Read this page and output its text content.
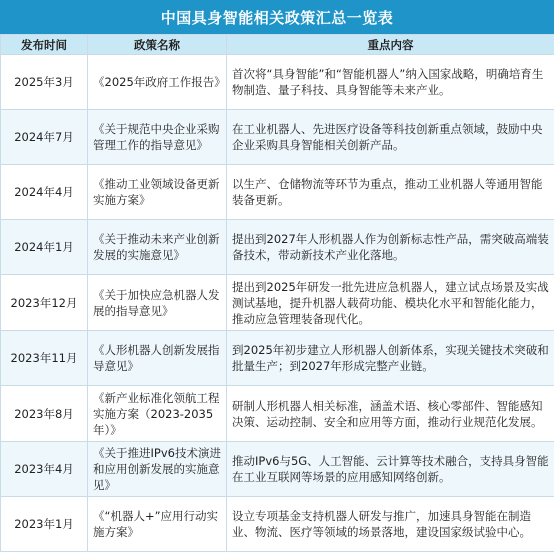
中国具身智能相关政策汇总一览表
发布时间	政策名称	重点内容
2025年3月	《2025年政府工作报告》	首次将“具身智能”和“智能机器人”纳入国家战略，明确培育生物制造、量子科技、具身智能等未来产业。
2024年7月	《关于规范中央企业采购管理工作的指导意见》	在工业机器人、先进医疗设备等科技创新重点领域，鼓励中央企业采购具身智能相关创新产品。
2024年4月	《推动工业领域设备更新实施方案》	以生产、仓储物流等环节为重点，推动工业机器人等通用智能装备更新。
2024年1月	《关于推动未来产业创新发展的实施意见》	提出到2027年人形机器人作为创新标志性产品，需突破高端装备技术，带动新技术产业化落地。
2023年12月	《关于加快应急机器人发展的指导意见》	提出到2025年研发一批先进应急机器人，建立试点场景及实战测试基地，提升机器人载荷功能、模块化水平和智能化能力，推动应急管理装备现代化。
2023年11月	《人形机器人创新发展指导意见》	到2025年初步建立人形机器人创新体系，实现关键技术突破和批量生产；到2027年形成完整产业链。
2023年8月	《新产业标准化领航工程实施方案（2023-2035年）》	研制人形机器人相关标准，涵盖术语、核心零部件、智能感知决策、运动控制、安全和应用等方面，推动行业规范化发展。
2023年4月	《关于推进IPv6技术演进和应用创新发展的实施意见》	推动IPv6与5G、人工智能、云计算等技术融合，支持具身智能在工业互联网等场景的应用感知网络创新。
2023年1月	《“机器人+”应用行动实施方案》	设立专项基金支持机器人研发与推广，加速具身智能在制造业、物流、医疗等领域的场景落地，建设国家级试验中心。
